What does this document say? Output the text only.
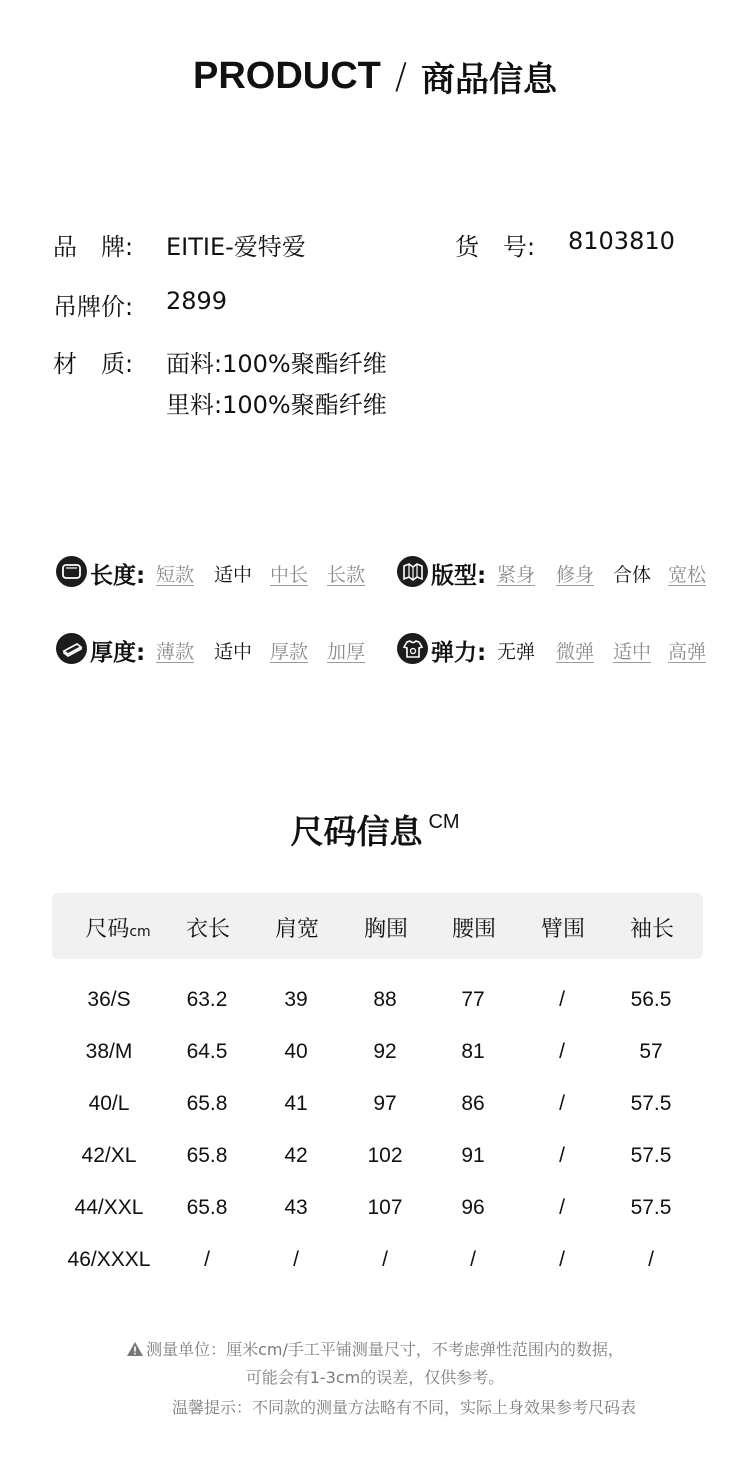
PRODUCT / 商品信息
品　牌: EITIE-爱特爱	货　号: 8103810
吊牌价: 2899
材　质: 面料:100%聚酯纤维
里料:100%聚酯纤维
长度: 短款 适中 中长 长款	版型: 紧身 修身 合体 宽松
厚度: 薄款 适中 厚款 加厚	弹力: 无弹 微弹 适中 高弹
尺码信息 CM
尺码cm	衣长	肩宽	胸围	腰围	臂围	袖长
36/S	63.2	39	88	77	/	56.5
38/M	64.5	40	92	81	/	57
40/L	65.8	41	97	86	/	57.5
42/XL	65.8	42	102	91	/	57.5
44/XXL	65.8	43	107	96	/	57.5
46/XXXL	/	/	/	/	/	/
测量单位：厘米cm/手工平铺测量尺寸，不考虑弹性范围内的数据，
可能会有1-3cm的误差，仅供参考。
温馨提示：不同款的测量方法略有不同，实际上身效果参考尺码表
